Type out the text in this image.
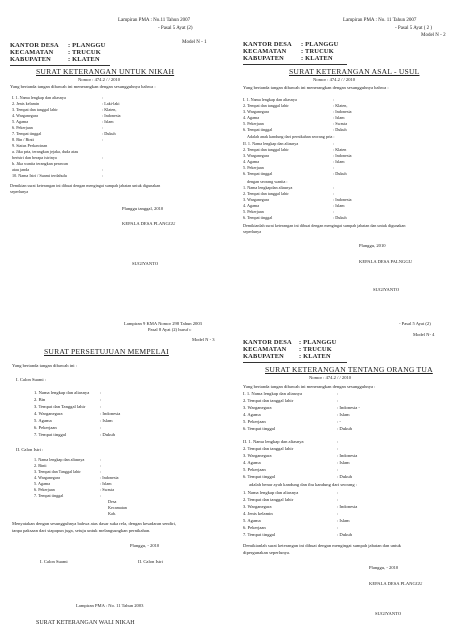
Lampiran PMA : No.11 Tahun 2007
- Pasal 5 Ayat (2)
Model N - 1
KANTOR DESA : PLANGGU
KECAMATAN : TRUCUK
KABUPATEN	: KLATEN
SURAT KETERANGAN UNTUK NIKAH
Nomor : 474.2 / / 2010
Yang bertanda tangan dibawah ini menerangkan dengan sesungguhnya bahwa :
I. 1. Nama lengkap dan aliasnya	:
2. Jenis kelamin	: Laki-laki
3. Tempat dan tanggal lahir	: Klaten,
4. Warganegara	: Indonesia
5. Agama	: Islam
6. Pekerjaan	:
7. Tempat tinggal	: Dukuh
8. Bin / Binti	:
9. Status Perkawinan
a. Jika pria, terangkan jejaka, duda atau
beristri dan berapa istrinya	:
b. Jika wanita terangkan perawan
atau janda	:
10. Nama Istri / Suami terdahulu	:
Demikian surat keterangan ini dibuat dengan mengingat sumpah jabatan untuk digunakan
seperlunya
Planggu tanggal, 2010
KEPALA DESA PLANGGU
SUGIYANTO
Lampiran PMA : No. 11 Tahun 2007
- Pasal 5 Ayat ( 2 )
Model N - 2
KANTOR DESA : PLANGGU
KECAMATAN : TRUCUK
KABUPATEN	: KLATEN
SURAT KETERANGAN ASAL - USUL
Nomor : 474.2 / / 2010
Yang bertanda tangan dibawah ini menerangkan dengan sesungguhnya bahwa :
I. 1. Nama lengkap dan aliasnya	:
2. Tempat dan tanggal lahir	: Klaten,
3. Warganegara	: Indonesia
4. Agama	: Islam
5. Pekerjaan	: Swasta
6. Tempat tinggal	: Dukuh
Adalah anak kandung dari pernikahan seorang pria :
II. 1. Nama lengkap dan aliasnya	:
2. Tempat dan tanggal lahir	: Klaten
3. Warganegara	: Indonesia
4. Agama	: Islam
5. Pekerjaan	:
6. Tempat tinggal	: Dukuh
dengan seorang wanita :
1. Nama lengkapdan aliasnya	:
2. Tempat dan tanggal lahir	:
3. Warganegara	: Indonesia
4. Agama	: Islam
5. Pekerjaan	:
6. Tempat tinggal	: Dukuh
Demikianlah surat keterangan ini dibuat dengan mengingat sumpah jabatan dan untuk digunakan
seperlunya
Planggu, 2010
KEPALA DESA PALNGGU
SUGIYANTO
Lampiran 9 KMA Nomor 298 Tahun 2003
Pasal 8 Ayat (2) huruf c
Model N - 3
SURAT PERSETUJUAN MEMPELAI
Yang bertanda tangan dibawah ini :
I. Calon Suami :
1. Nama lengkap dan aliasnya :
2. Bin	:
3. Tempat dan Tanggal lahir	:
4. Warganegara	: Indonesia
5. Agama	: Islam
6. Pekerjaan	:
7. Tempat tinggal	: Dukuh
II. Calon Istri :
1. Nama lengkap dan aliasnya	:
2. Binti	:
3. Tempat dan Tanggal lahir	:
4. Warganegara	: Indonesia
5. Agama	: Islam
6. Pekerjaan	: Swasta
7. Tempat tinggal	:
Desa
Kecamatan
Kab.
Menyatakan dengan sesungguhnya bahwa atas dasar suka rela, dengan kesadaran sendiri,
tanpa paksaan dari siapapun juga, setuju untuk melangsungkan pernikahan.
Planggu, - 2010
I. Calon Suami	II. Calon Istri
Lampiran PMA : No. 11 Tahun 2003
SURAT KETERANGAN WALI NIKAH
- Pasal 5 Ayat (2)
Model N- 4
KANTOR DESA : PLANGGU
KECAMATAN : TRUCUK
KABUPATEN : KLATEN
SURAT KETERANGAN TENTANG ORANG TUA
Nomor : 474.2 / / 2010
Yang bertanda tangan dibawah ini menerangkan dengan sesungguhnya :
I. 1. Nama lengkap dan aliasnya	:
2. Tempat dan tanggal lahir	:
3. Warganegara	: Indonesia -
4. Agama	: Islam
5. Pekerjaan	: -
6. Tempat tinggal	: Dukuh
II. 1. Nama lengkap dan aliasnya	:
2. Tempat dan tanggal lahir	:
3. Warganegara	: Indonesia
4. Agama	: Islam
5. Pekerjaan	:
6. Tempat tinggal	: Dukuh
adalah benar ayah kandung dan ibu kandung dari seorang :
1. Nama lengkap dan aliasnya	:
2. Tempat dan tanggal lahir	:
3. Warganegara	: Indonesia
4. Jenis kelamin	:
5. Agama	: Islam
6. Pekerjaan	:
7. Tempat tinggal	: Dukuh
Demikianlah surat keterangan ini dibuat dengan mengingat sumpah jabatan dan untuk
dipergunakan seperlunya.
Planggu, - 2010
KEPALA DESA PLANGGU
SUGIYANTO
